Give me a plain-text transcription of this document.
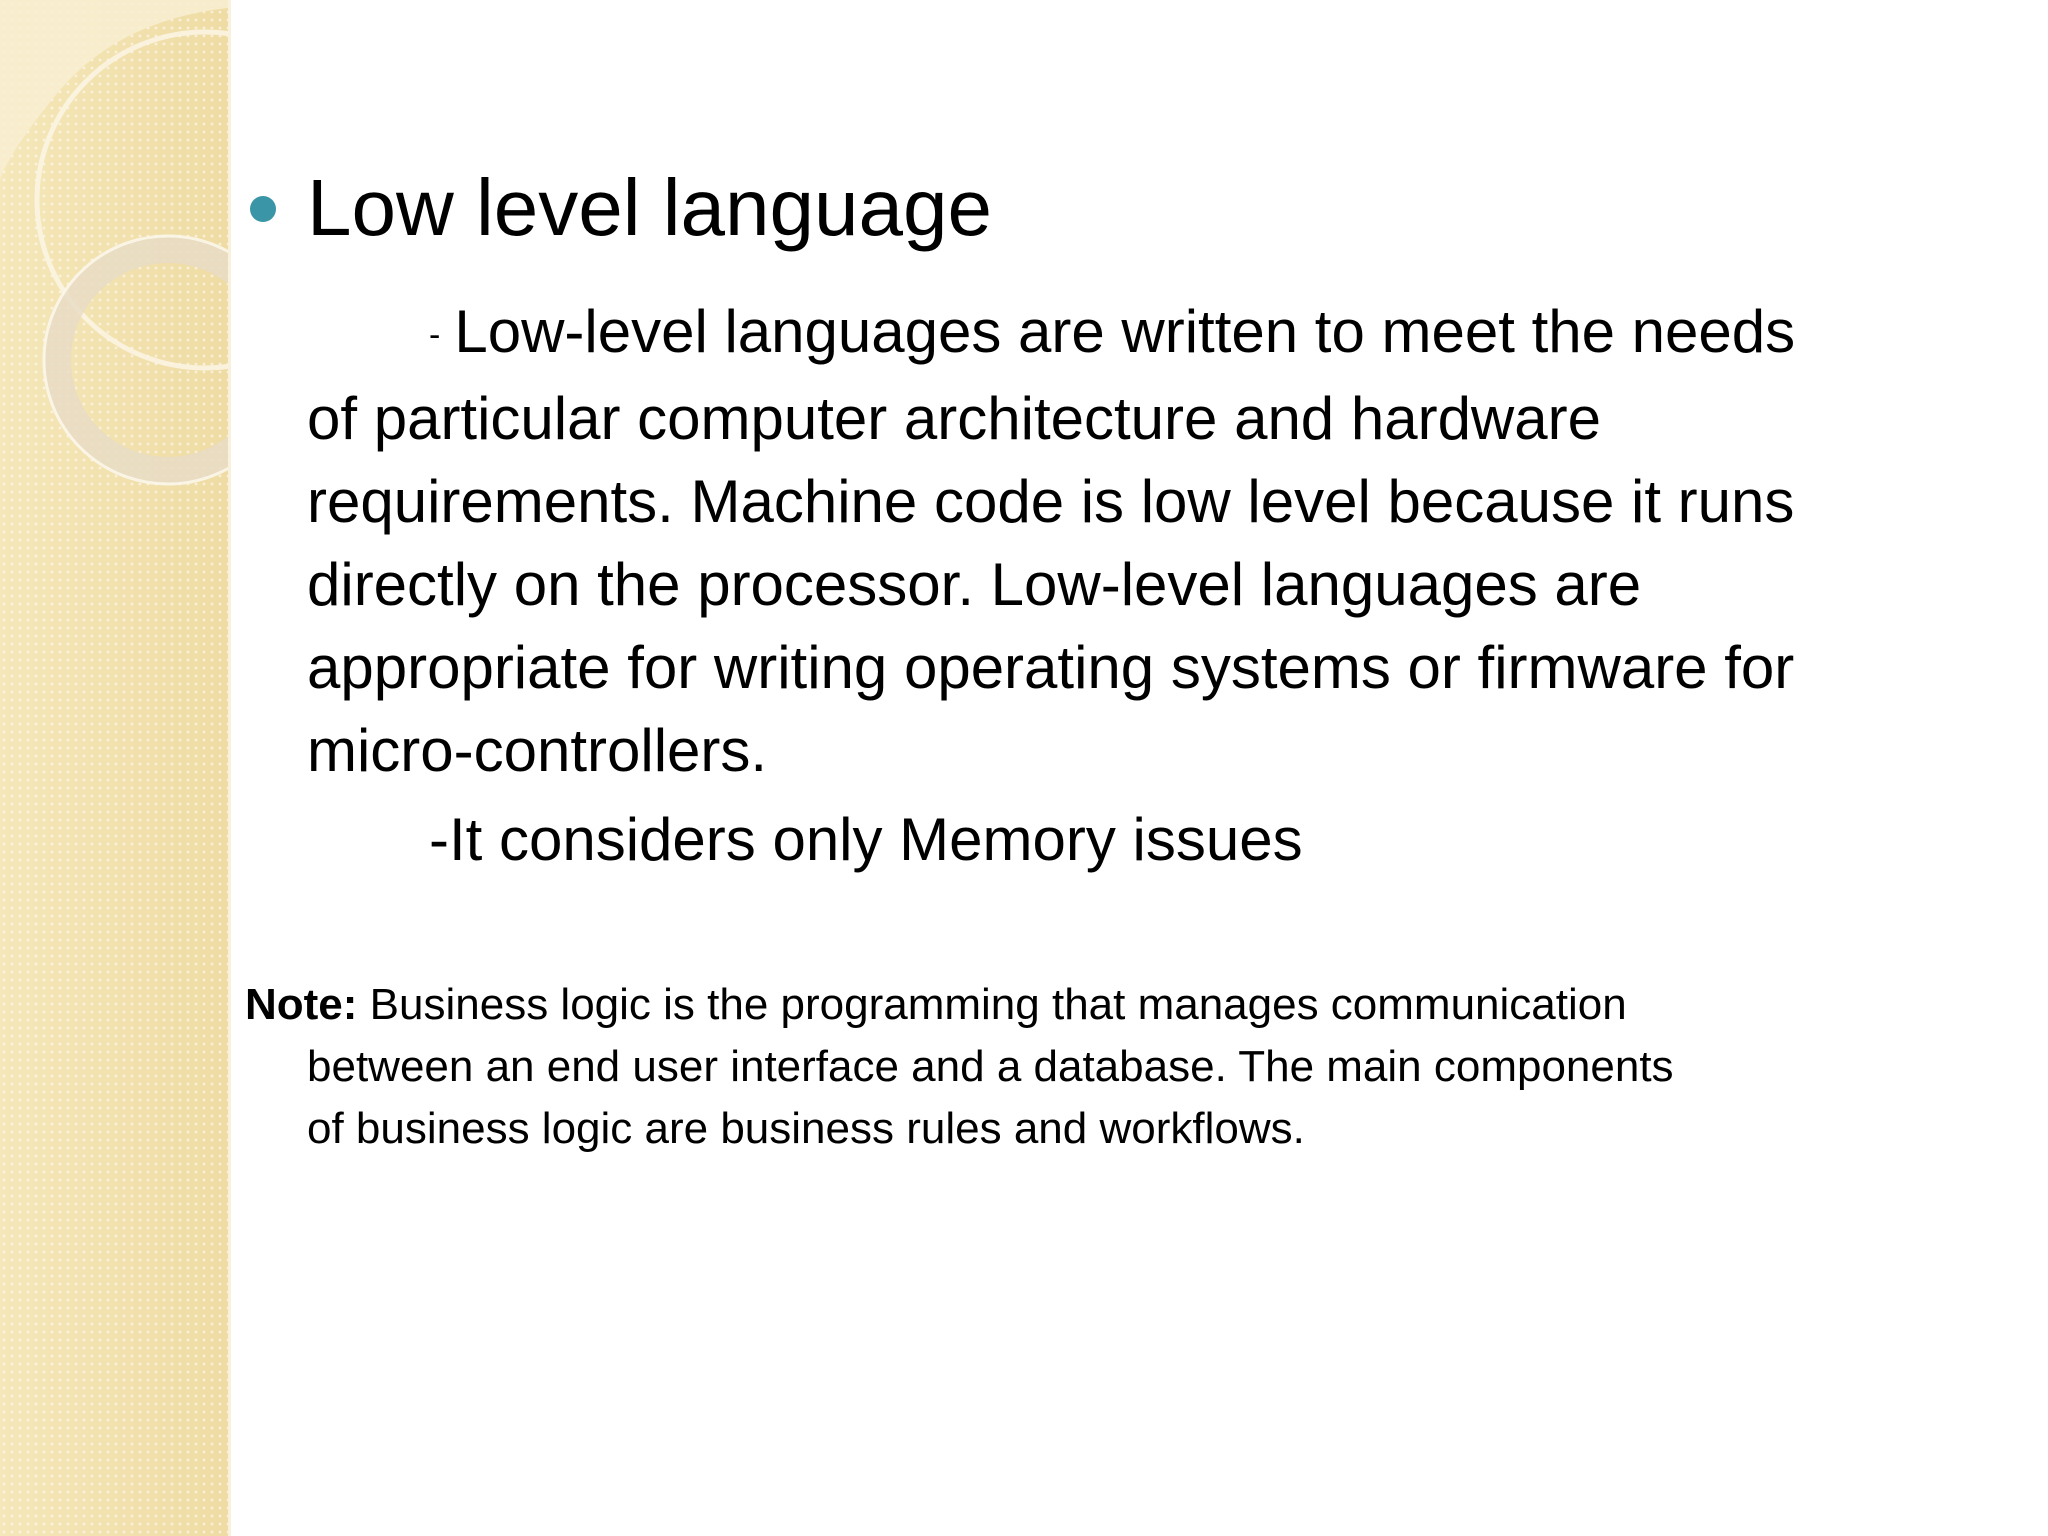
Low level language

- Low-level languages are written to meet the needs
of particular computer architecture and hardware
requirements. Machine code is low level because it runs
directly on the processor. Low-level languages are
appropriate for writing operating systems or firmware for
micro-controllers.

-It considers only Memory issues

Note: Business logic is the programming that manages communication
between an end user interface and a database. The main components
of business logic are business rules and workflows.
